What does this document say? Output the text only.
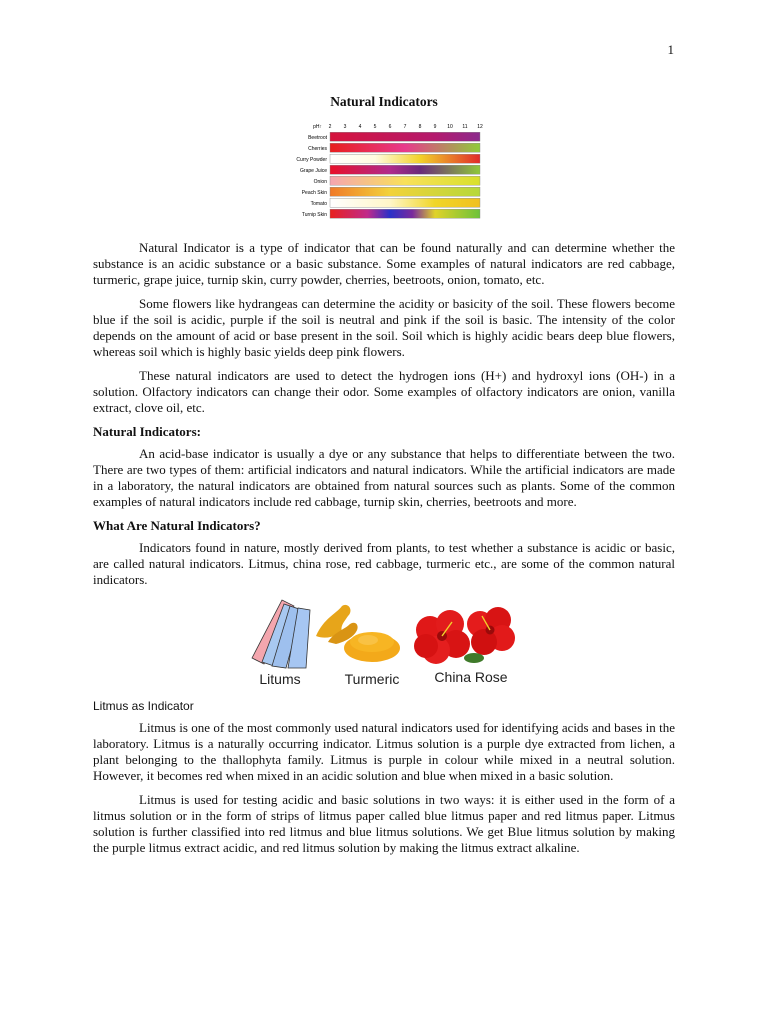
1
Natural Indicators
pH↑ 2 3 4 5 6 7 8 9 10 11 12
Beetroot
Cherries
Curry Powder
Grape Juice
Onion
Peach Skin
Tomato
Turnip Skin

Natural Indicator is a type of indicator that can be found naturally and can determine whether the substance is an acidic substance or a basic substance. Some examples of natural indicators are red cabbage, turmeric, grape juice, turnip skin, curry powder, cherries, beetroots, onion, tomato, etc.

Some flowers like hydrangeas can determine the acidity or basicity of the soil. These flowers become blue if the soil is acidic, purple if the soil is neutral and pink if the soil is basic. The intensity of the color depends on the amount of acid or base present in the soil. Soil which is highly acidic bears deep blue flowers, whereas soil which is highly basic yields deep pink flowers.

These natural indicators are used to detect the hydrogen ions (H+) and hydroxyl ions (OH-) in a solution. Olfactory indicators can change their odor. Some examples of olfactory indicators are onion, vanilla extract, clove oil, etc.

Natural Indicators:

An acid-base indicator is usually a dye or any substance that helps to differentiate between the two. There are two types of them: artificial indicators and natural indicators. While the artificial indicators are made in a laboratory, the natural indicators are obtained from natural sources such as plants. Some of the common examples of natural indicators include red cabbage, turnip skin, cherries, beetroots and more.

What Are Natural Indicators?

Indicators found in nature, mostly derived from plants, to test whether a substance is acidic or basic, are called natural indicators. Litmus, china rose, red cabbage, turmeric etc., are some of the common natural indicators.

Litums	Turmeric	China Rose
Litmus as Indicator

Litmus is one of the most commonly used natural indicators used for identifying acids and bases in the laboratory. Litmus is a naturally occurring indicator. Litmus solution is a purple dye extracted from lichen, a plant belonging to the thallophyta family. Litmus is purple in colour while mixed in a neutral solution. However, it becomes red when mixed in an acidic solution and blue when mixed in a basic solution.

Litmus is used for testing acidic and basic solutions in two ways: it is either used in the form of a litmus solution or in the form of strips of litmus paper called blue litmus paper and red litmus paper. Litmus solution is further classified into red litmus and blue litmus solutions. We get Blue litmus solution by making the purple litmus extract acidic, and red litmus solution by making the litmus extract alkaline.
